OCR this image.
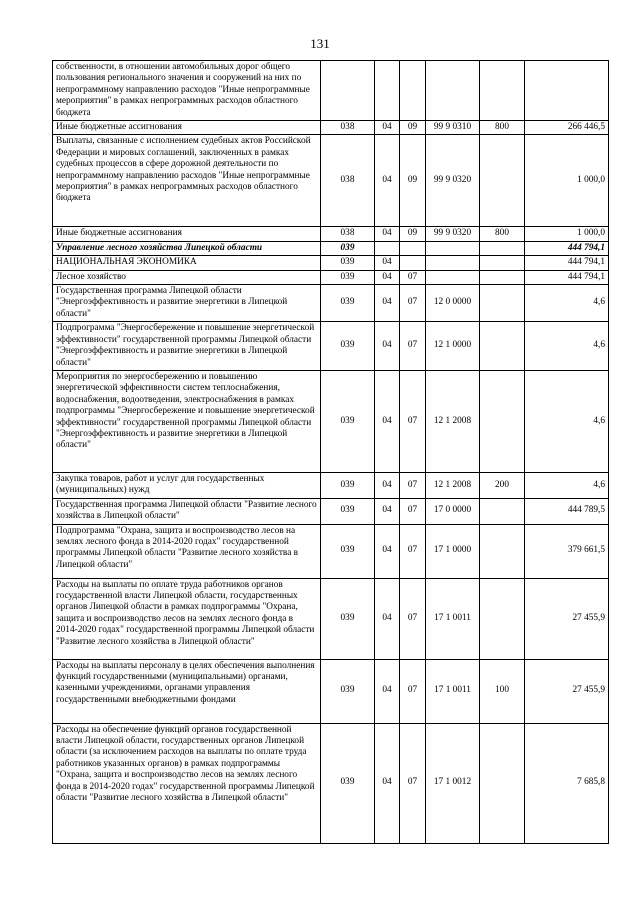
131
собственности, в отношении автомобильных дорог общего пользования регионального значения и сооружений на них по непрограммному направлению расходов "Иные непрограммные мероприятия" в рамках непрограммных расходов областного бюджета						
Иные бюджетные ассигнования	038	04	09	99 9 0310	800	266 446,5
Выплаты, связанные с исполнением судебных актов Российской Федерации и мировых соглашений, заключенных в рамках судебных процессов в сфере дорожной деятельности по непрограммному направлению расходов "Иные непрограммные мероприятия" в рамках непрограммных расходов областного бюджета	038	04	09	99 9 0320		1 000,0
Иные бюджетные ассигнования	038	04	09	99 9 0320	800	1 000,0
Управление лесного хозяйства Липецкой области	039					444 794,1
НАЦИОНАЛЬНАЯ ЭКОНОМИКА	039	04				444 794,1
Лесное хозяйство	039	04	07			444 794,1
Государственная программа Липецкой области "Энергоэффективность и развитие энергетики в Липецкой области"	039	04	07	12 0 0000		4,6
Подпрограмма "Энергосбережение и повышение энергетической эффективности" государственной программы Липецкой области "Энергоэффективность и развитие энергетики в Липецкой области"	039	04	07	12 1 0000		4,6
Мероприятия по энергосбережению и повышению энергетической эффективности систем теплоснабжения, водоснабжения, водоотведения, электроснабжения в рамках подпрограммы "Энергосбережение и повышение энергетической эффективности" государственной программы Липецкой области "Энергоэффективность и развитие энергетики в Липецкой области"	039	04	07	12 1 2008		4,6
Закупка товаров, работ и услуг для государственных (муниципальных) нужд	039	04	07	12 1 2008	200	4,6
Государственная программа Липецкой области "Развитие лесного хозяйства в Липецкой области"	039	04	07	17 0 0000		444 789,5
Подпрограмма "Охрана, защита и воспроизводство лесов на землях лесного фонда в 2014-2020 годах" государственной программы Липецкой области "Развитие лесного хозяйства в Липецкой области"	039	04	07	17 1 0000		379 661,5
Расходы на выплаты по оплате труда работников органов государственной власти Липецкой области, государственных органов Липецкой области в рамках подпрограммы "Охрана, защита и воспроизводство лесов на землях лесного фонда в 2014-2020 годах" государственной программы Липецкой области "Развитие лесного хозяйства в Липецкой области"	039	04	07	17 1 0011		27 455,9
Расходы на выплаты персоналу в целях обеспечения выполнения функций государственными (муниципальными) органами, казенными учреждениями, органами управления государственными внебюджетными фондами	039	04	07	17 1 0011	100	27 455,9
Расходы на обеспечение функций органов государственной власти Липецкой области, государственных органов Липецкой области (за исключением расходов на выплаты по оплате труда работников указанных органов) в рамках подпрограммы "Охрана, защита и воспроизводство лесов на землях лесного фонда в 2014-2020 годах" государственной программы Липецкой области "Развитие лесного хозяйства в Липецкой области"	039	04	07	17 1 0012		7 685,8
